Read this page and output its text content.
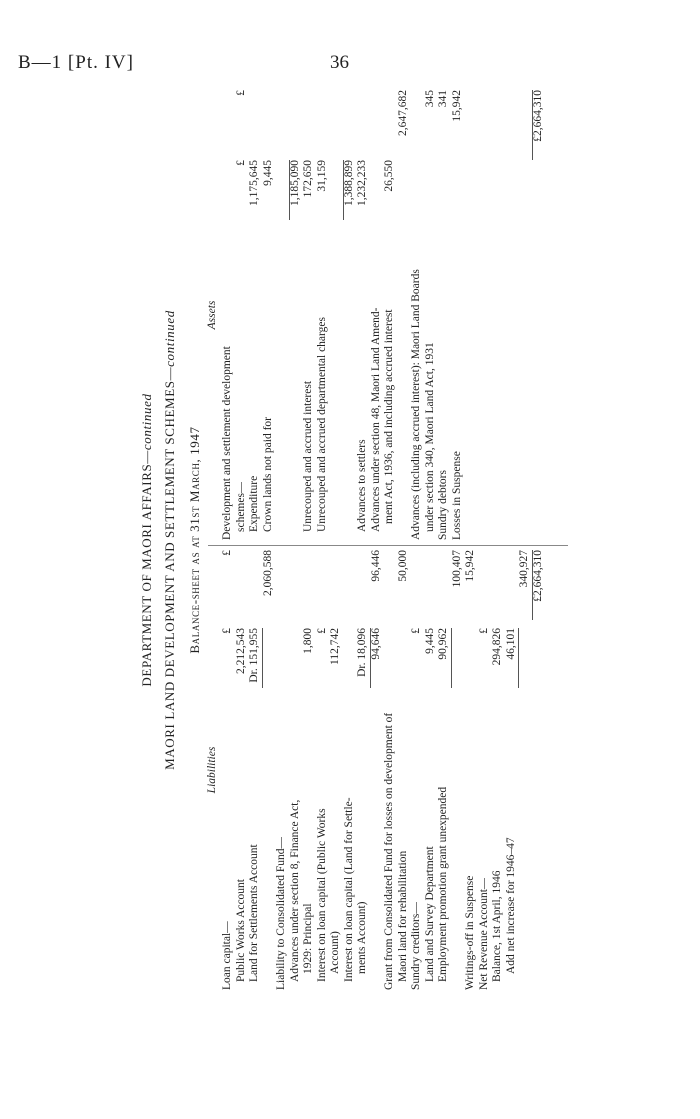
B—1 [Pt. IV]	36
DEPARTMENT OF MAORI AFFAIRS—continued MAORI LAND DEVELOPMENT AND SETTLEMENT SCHEMES—continued
Balance-sheet as at 31st March, 1947
Liabilities
Loan capital—
£
£
Public Works Account
2,212,543
Land for Settlements Account
Dr. 151,955
2,060,588
Liability to Consolidated Fund— Advances under section 8, Finance Act, 1929: Principal
1,800
Interest on loan capital (Public Works
£
Account)
112,742
Interest on loan capital (Land for Settle- ments Account)
Dr. 18,096 94,646
96,446
Grant from Consolidated Fund for losses on development of Maori land for rehabilitation
50,000
Sundry creditors—
£
Land and Survey Department
9,445
Employment promotion grant unexpended
90,962
100,407
Writings-off in Suspense
15,942
Net Revenue Account—
£
Balance, 1st April, 1946
294,826
Add net increase for 1946–47
46,101
340,927 £2,664,310
Assets
Development and settlement development schemes—
£
£
Expenditure
1,175,645
Crown lands not paid for
9,445 1,185,090
Unrecouped and accrued interest
172,650
Unrecouped and accrued departmental charges
31,159 1,388,899
Advances to settlers
1,232,233
Advances under section 48, Maori Land Amend- ment Act, 1936, and including accrued interest
26,550
2,647,682
Advances (including accrued interest): Maori Land Boards under section 340, Maori Land Act, 1931
345
Sundry debtors
341
Losses in Suspense
15,942	£2,664,310
